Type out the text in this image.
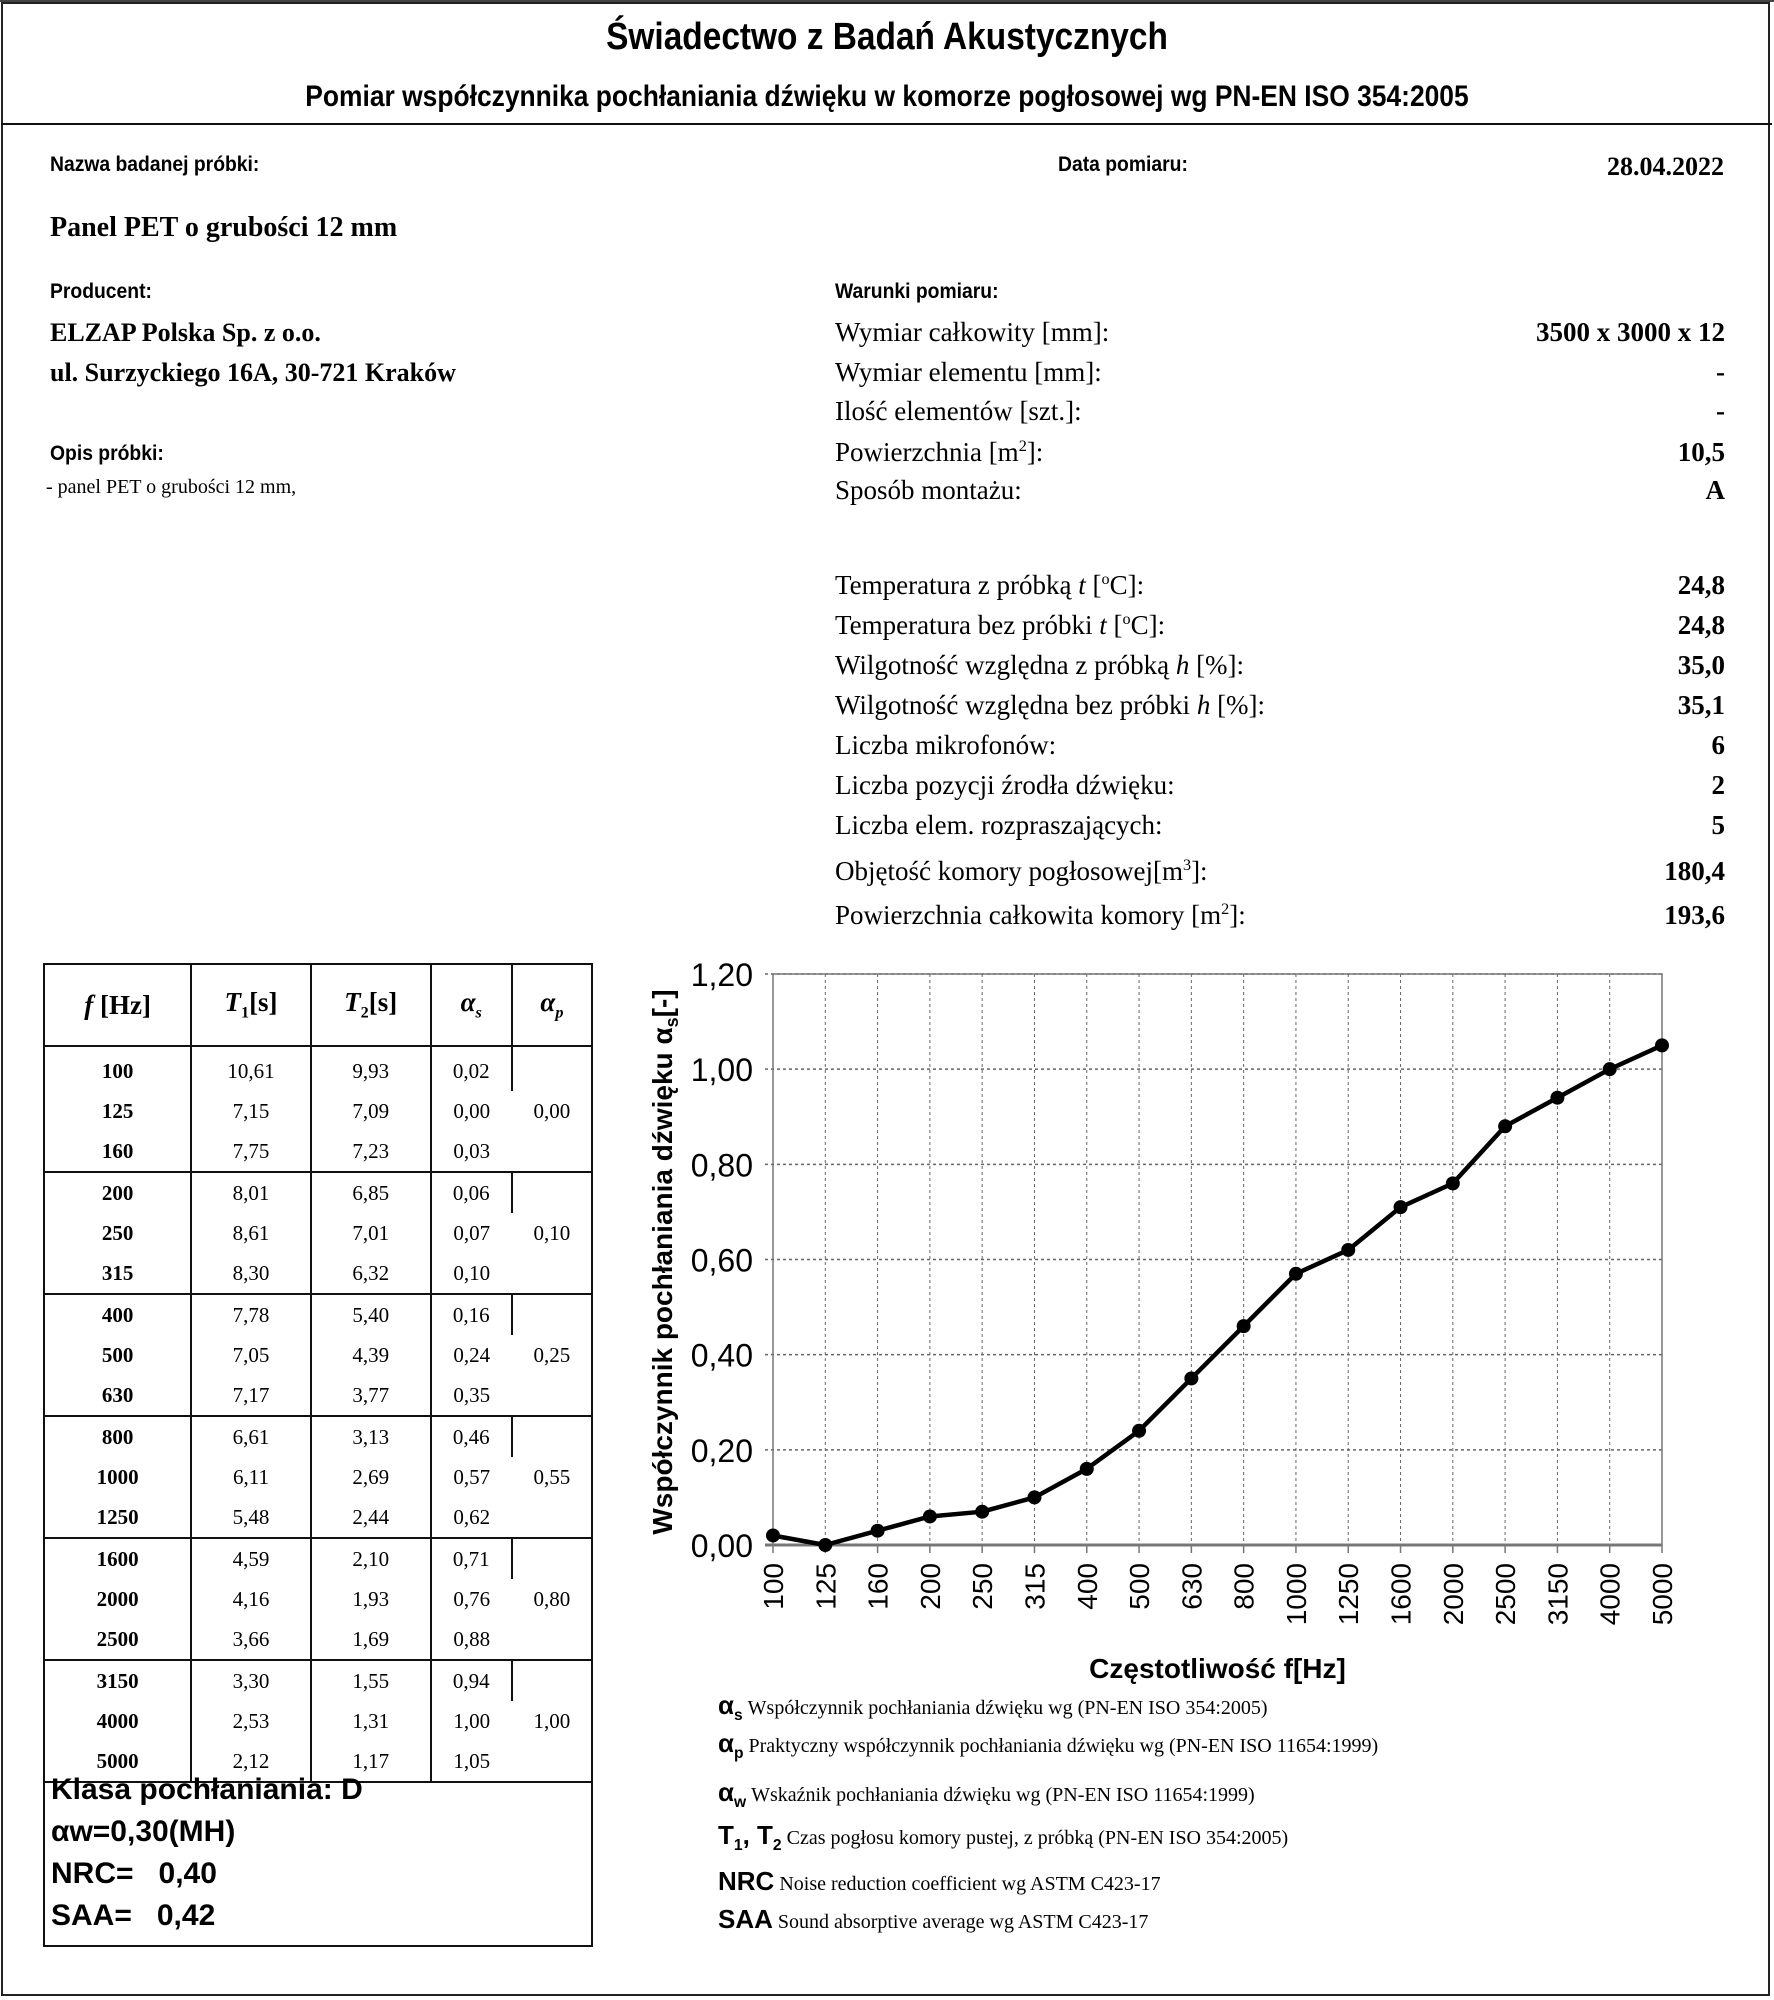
Świadectwo z Badań Akustycznych
Pomiar współczynnika pochłaniania dźwięku w komorze pogłosowej wg PN-EN ISO 354:2005
Nazwa badanej próbki:
Panel PET o grubości 12 mm
Producent:
ELZAP Polska Sp. z o.o.
ul. Surzyckiego 16A, 30-721 Kraków
Opis próbki:
- panel PET o grubości 12 mm,
Data pomiaru:	28.04.2022
Warunki pomiaru:
Wymiar całkowity [mm]:	3500 x 3000 x 12
Wymiar elementu [mm]:	-
Ilość elementów [szt.]:	-
Powierzchnia $[m^2]$:	10,5
Sposób montażu:	A
Temperatura z próbką t [$^o$C]:	24,8
Temperatura bez próbki t [$^o$C]:	24,8
Wilgotność względna z próbką h [%]:	35,0
Wilgotność względna bez próbki h [%]:	35,1
Liczba mikrofonów:	6
Liczba pozycji źrodła dźwięku:	2
Liczba elem. rozpraszających:	5
Objętość komory $pogłosowej[m^3]$:	180,4
Powierzchnia całkowita komory $[m^2]$:	193,6
f [Hz]	$T_1[s]$	$T_2[s]$	$\alpha_s$	$\alpha_p$
100	10,61	9,93	0,02	0,00
125	7,15	7,09	0,00	
160	7,75	7,23	0,03	
200	8,01	6,85	0,06	0,10
250	8,61	7,01	0,07	
315	8,30	6,32	0,10	
400	7,78	5,40	0,16	0,25
500	7,05	4,39	0,24	
630	7,17	3,77	0,35	
800	6,61	3,13	0,46	0,55
1000	6,11	2,69	0,57	
1250	5,48	2,44	0,62	
1600	4,59	2,10	0,71	0,80
2000	4,16	1,93	0,76	
2500	3,66	1,69	0,88	
3150	3,30	1,55	0,94	1,00
4000	2,53	1,31	1,00	
5000	2,12	1,17	1,05	
Klasa pochłaniania: D
αw=0,30(MH)
NRC=   0,40
SAA=   0,42
0,00
0,20
0,40
0,60
0,80
1,00
1,20
100 125 160 200 250 315 400 500 630 800 1000 1250 1600 2000 2500 3150 4000 5000
Częstotliwość f[Hz]
Współczynnik pochłaniania dźwięku $\alpha_s[-]$
$\alpha_s$ Współczynnik pochłaniania dźwięku wg (PN-EN ISO 354:2005)
$\alpha_p$ Praktyczny współczynnik pochłaniania dźwięku wg (PN-EN ISO 11654:1999)
$\alpha_w$ Wskaźnik pochłaniania dźwięku wg (PN-EN ISO 11654:1999)
$T_1$, $T_2$ Czas pogłosu komory pustej, z próbką (PN-EN ISO 354:2005)
NRC Noise reduction coefficient wg ASTM C423-17
SAA Sound absorptive average wg ASTM C423-17
